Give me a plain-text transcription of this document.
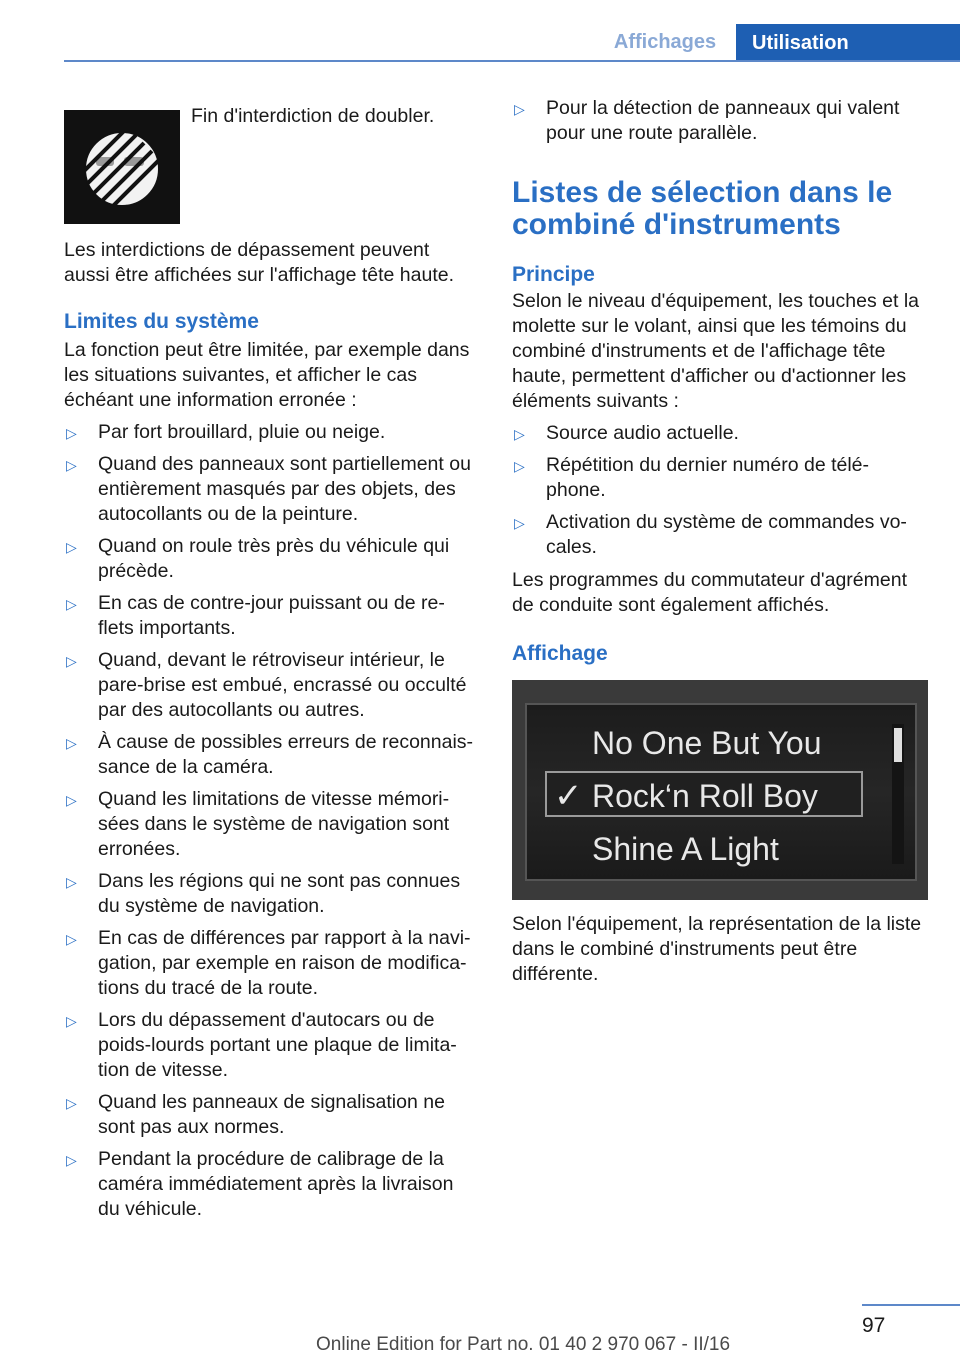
Affichages	Utilisation
Fin d'interdiction de doubler.

Les interdictions de dépassement peuvent aussi être affichées sur l'affichage tête haute.

Limites du système

La fonction peut être limitée, par exemple dans les situations suivantes, et afficher le cas échéant une information erronée :

▷ Par fort brouillard, pluie ou neige.
▷ Quand des panneaux sont partiellement ou entièrement masqués par des objets, des autocollants ou de la peinture.
▷ Quand on roule très près du véhicule qui précède.
▷ En cas de contre-jour puissant ou de re-flets importants.
▷ Quand, devant le rétroviseur intérieur, le pare-brise est embué, encrassé ou occulté par des autocollants ou autres.
▷ À cause de possibles erreurs de reconnais-sance de la caméra.
▷ Quand les limitations de vitesse mémori-sées dans le système de navigation sont erronées.
▷ Dans les régions qui ne sont pas connues du système de navigation.
▷ En cas de différences par rapport à la navi-gation, par exemple en raison de modifica-tions du tracé de la route.
▷ Lors du dépassement d'autocars ou de poids-lourds portant une plaque de limita-tion de vitesse.
▷ Quand les panneaux de signalisation ne sont pas aux normes.
▷ Pendant la procédure de calibrage de la caméra immédiatement après la livraison du véhicule.
▷ Pour la détection de panneaux qui valent pour une route parallèle.
Listes de sélection dans le combiné d'instruments
Principe

Selon le niveau d'équipement, les touches et la molette sur le volant, ainsi que les témoins du combiné d'instruments et de l'affichage tête haute, permettent d'afficher ou d'actionner les éléments suivants :

▷ Source audio actuelle.
▷ Répétition du dernier numéro de télé-phone.
▷ Activation du système de commandes vo-cales.

Les programmes du commutateur d'agrément de conduite sont également affichés.

Affichage
No One But You
✓ Rock‘n Roll Boy
Shine A Light

Selon l'équipement, la représentation de la liste dans le combiné d'instruments peut être différente.

97
Online Edition for Part no. 01 40 2 970 067 - II/16
